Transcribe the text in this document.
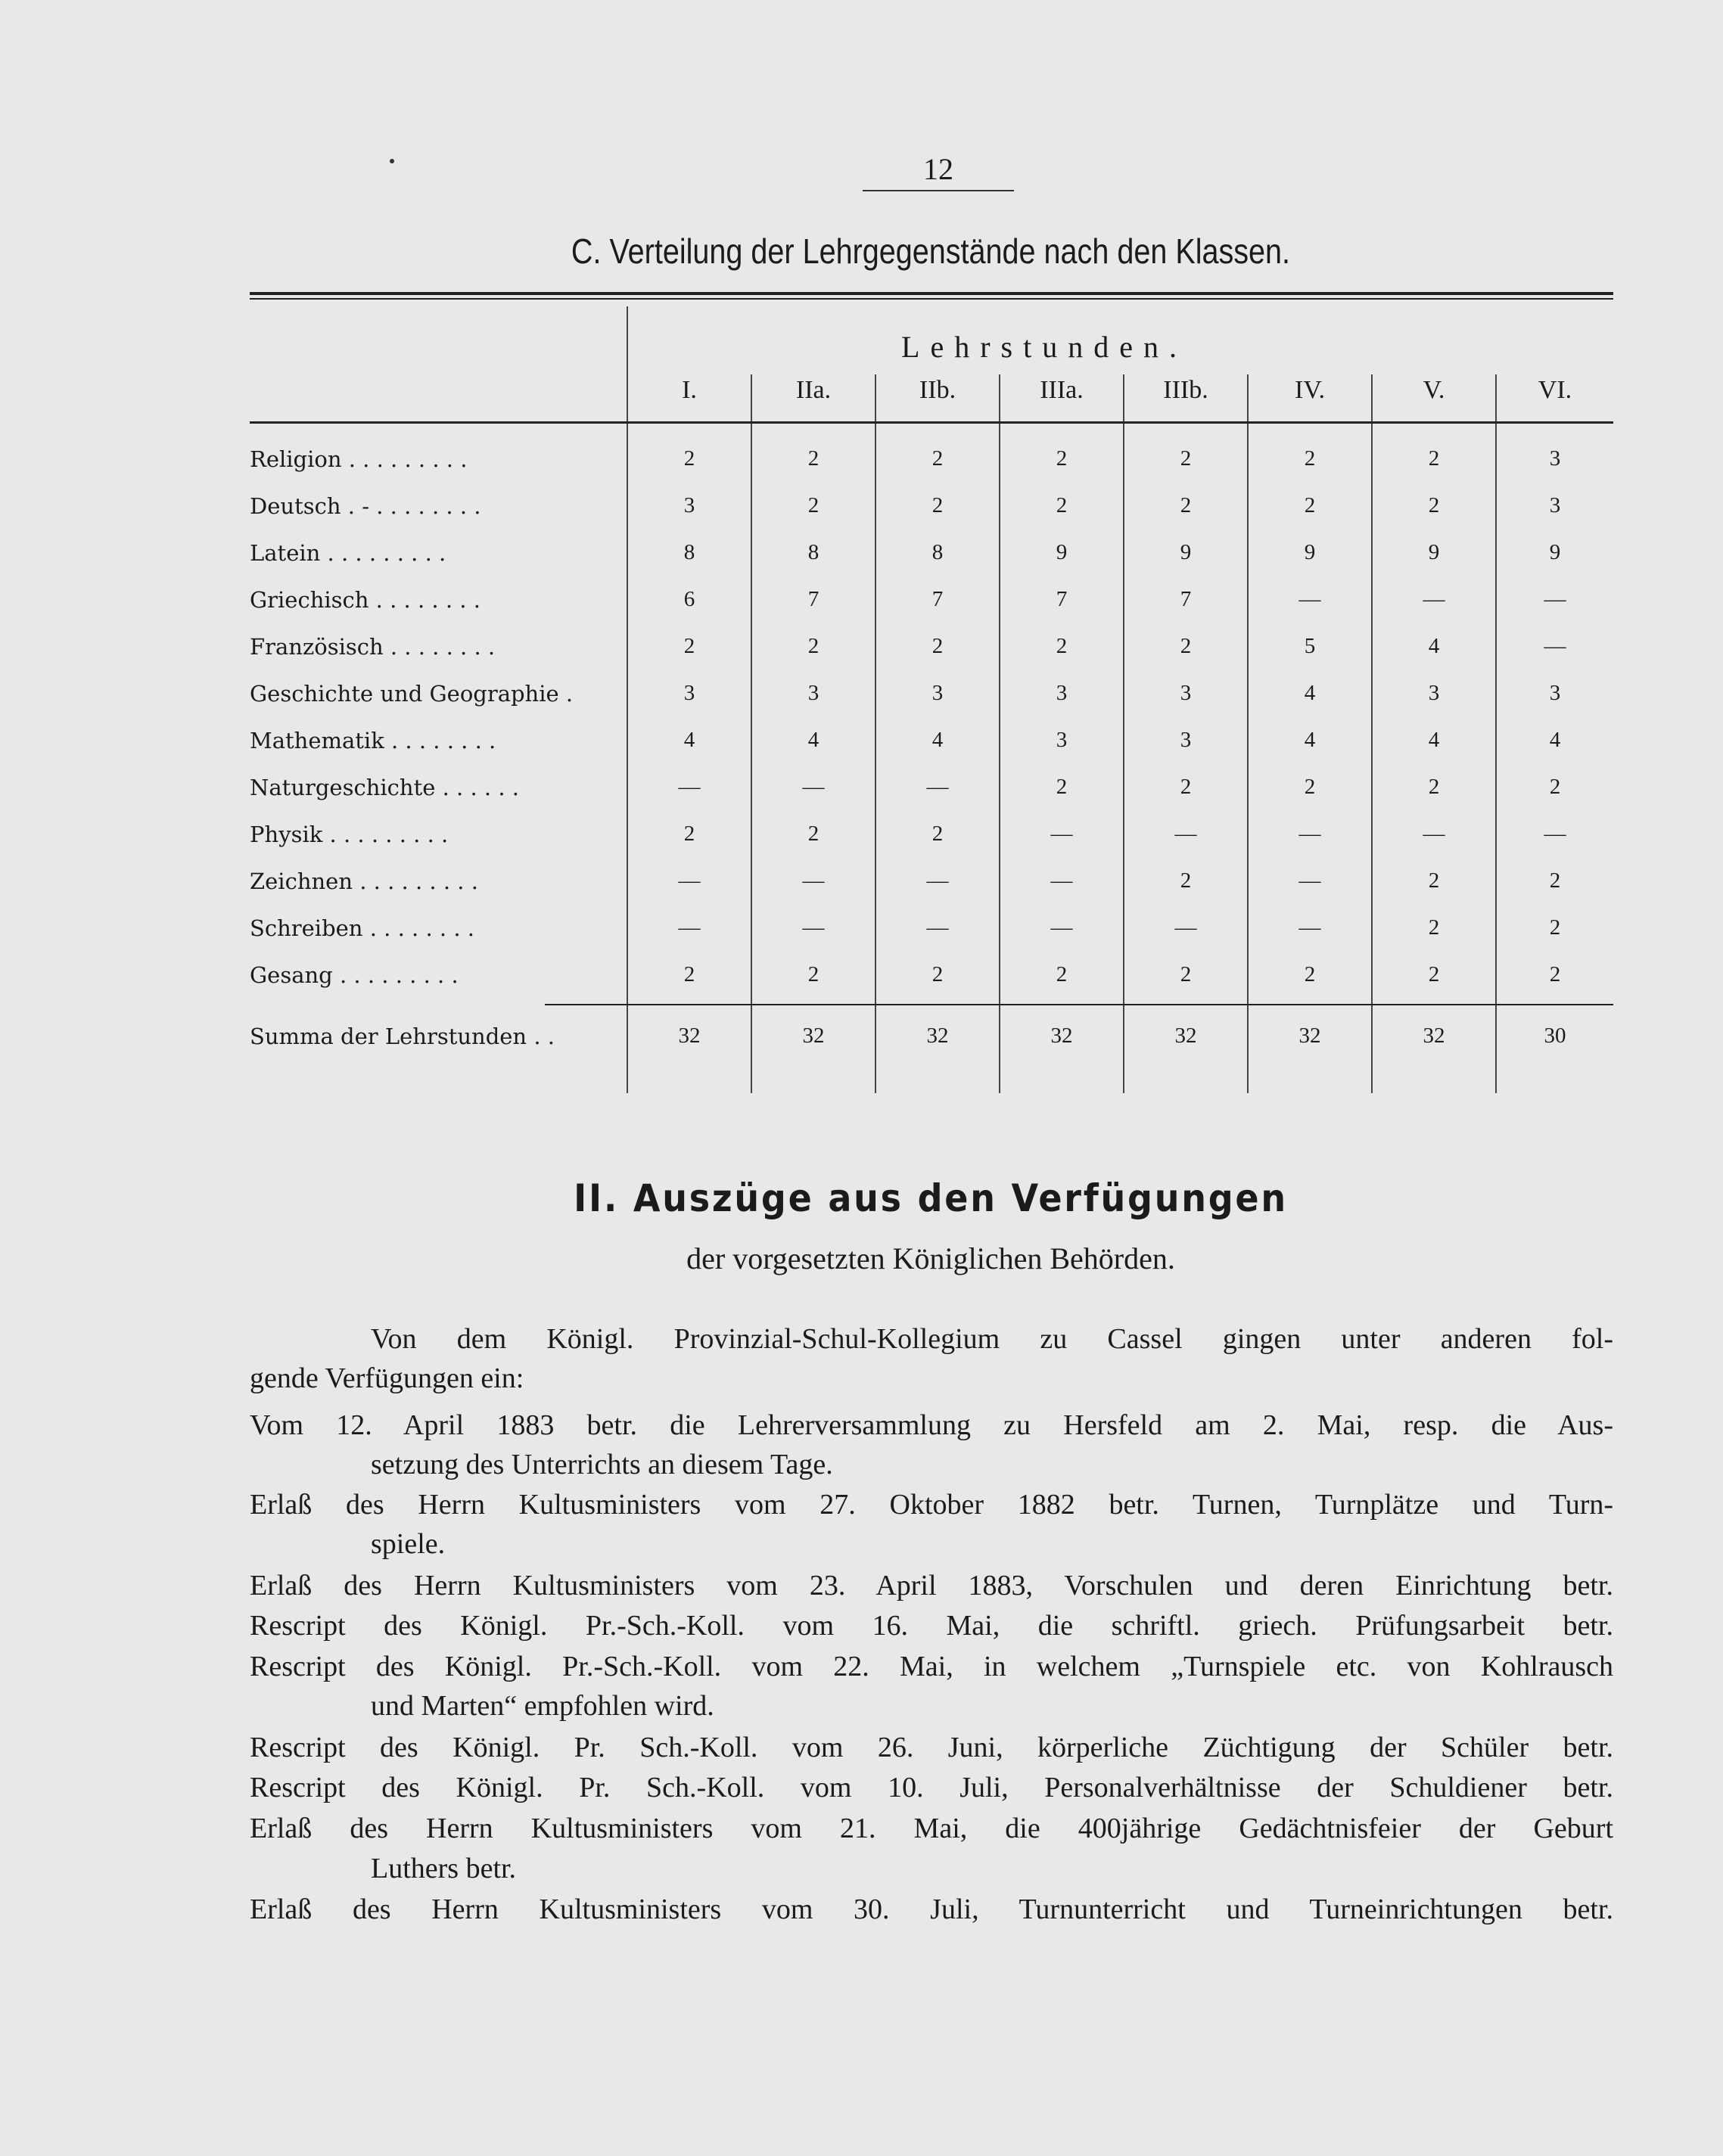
12
C. Verteilung der Lehrgegenstände nach den Klassen.
Lehrstunden.
I.	IIa.	IIb.	IIIa.	IIIb.	IV.	V.	VI.
Religion . . . . . . . . .	2	2	2	2	2	2	2	3
Deutsch . - . . . . . . . .	3	2	2	2	2	2	2	3
Latein . . . . . . . . .	8	8	8	9	9	9	9	9
Griechisch . . . . . . . .	6	7	7	7	7	—	—	—
Französisch . . . . . . . .	2	2	2	2	2	5	4	—
Geschichte und Geographie .	3	3	3	3	3	4	3	3
Mathematik . . . . . . . .	4	4	4	3	3	4	4	4
Naturgeschichte . . . . . .	—	—	—	2	2	2	2	2
Physik . . . . . . . . .	2	2	2	—	—	—	—	—
Zeichnen . . . . . . . . .	—	—	—	—	2	—	2	2
Schreiben . . . . . . . .	—	—	—	—	—	—	2	2
Gesang . . . . . . . . .	2	2	2	2	2	2	2	2
Summa der Lehrstunden . .	32	32	32	32	32	32	32	30
II. Auszüge aus den Verfügungen
der vorgesetzten Königlichen Behörden.
Von dem Königl. Provinzial-Schul-Kollegium zu Cassel gingen unter anderen fol-
gende Verfügungen ein:
Vom 12. April 1883 betr. die Lehrerversammlung zu Hersfeld am 2. Mai, resp. die Aus-
setzung des Unterrichts an diesem Tage.
Erlaß des Herrn Kultusministers vom 27. Oktober 1882 betr. Turnen, Turnplätze und Turn-
spiele.
Erlaß des Herrn Kultusministers vom 23. April 1883, Vorschulen und deren Einrichtung betr.
Rescript des Königl. Pr.-Sch.-Koll. vom 16. Mai, die schriftl. griech. Prüfungsarbeit betr.
Rescript des Königl. Pr.-Sch.-Koll. vom 22. Mai, in welchem „Turnspiele etc. von Kohlrausch
und Marten“ empfohlen wird.
Rescript des Königl. Pr. Sch.-Koll. vom 26. Juni, körperliche Züchtigung der Schüler betr.
Rescript des Königl. Pr. Sch.-Koll. vom 10. Juli, Personalverhältnisse der Schuldiener betr.
Erlaß des Herrn Kultusministers vom 21. Mai, die 400jährige Gedächtnisfeier der Geburt
Luthers betr.
Erlaß des Herrn Kultusministers vom 30. Juli, Turnunterricht und Turneinrichtungen betr.
